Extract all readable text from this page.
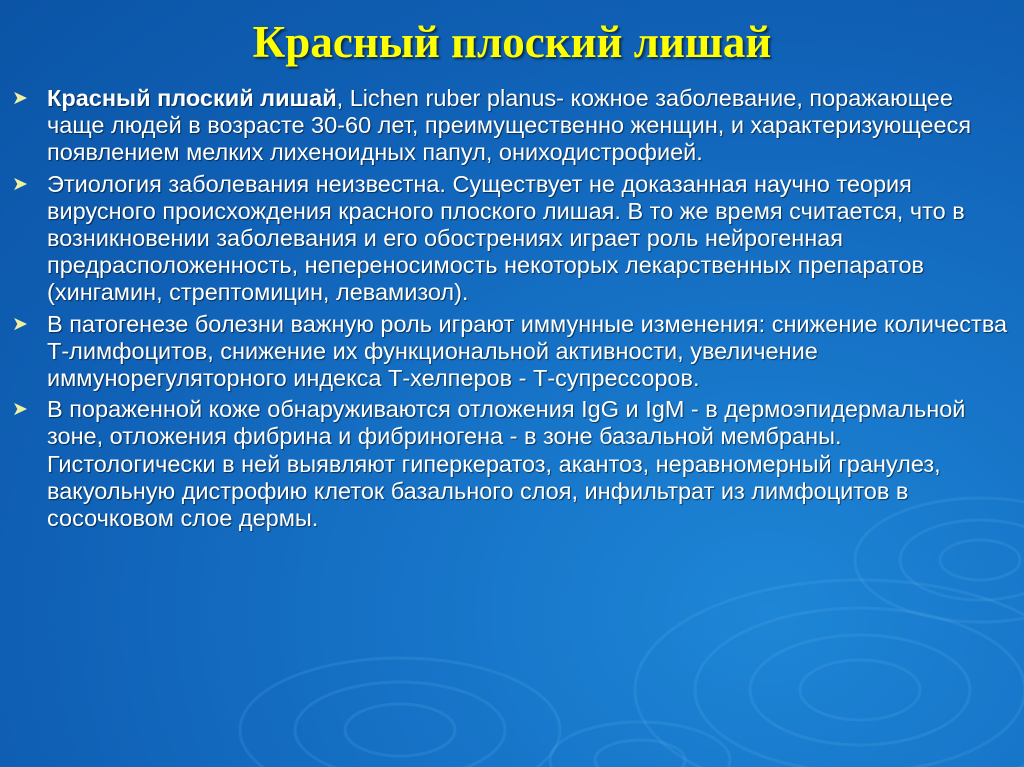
Красный плоский лишай
➤ Красный плоский лишай, Lichen ruber planus- кожное заболевание, поражающее чаще людей в возрасте 30-60 лет, преимущественно женщин, и характеризующееся появлением мелких лихеноидных папул, ониходистрофией.
➤ Этиология заболевания неизвестна. Существует не доказанная научно теория вирусного происхождения красного плоского лишая. В то же время считается, что в возникновении заболевания и его обострениях играет роль нейрогенная предрасположенность, непереносимость некоторых лекарственных препаратов (хингамин, стрептомицин, левамизол).
➤ В патогенезе болезни важную роль играют иммунные изменения: снижение количества Т-лимфоцитов, снижение их функциональной активности, увеличение иммунорегуляторного индекса Т-хелперов - Т-супрессоров.
➤ В пораженной коже обнаруживаются отложения IgG и IgM - в дермоэпидермальной зоне, отложения фибрина и фибриногена - в зоне базальной мембраны. Гистологически в ней выявляют гиперкератоз, акантоз, неравномерный гранулез, вакуольную дистрофию клеток базального слоя, инфильтрат из лимфоцитов в сосочковом слое дермы.
